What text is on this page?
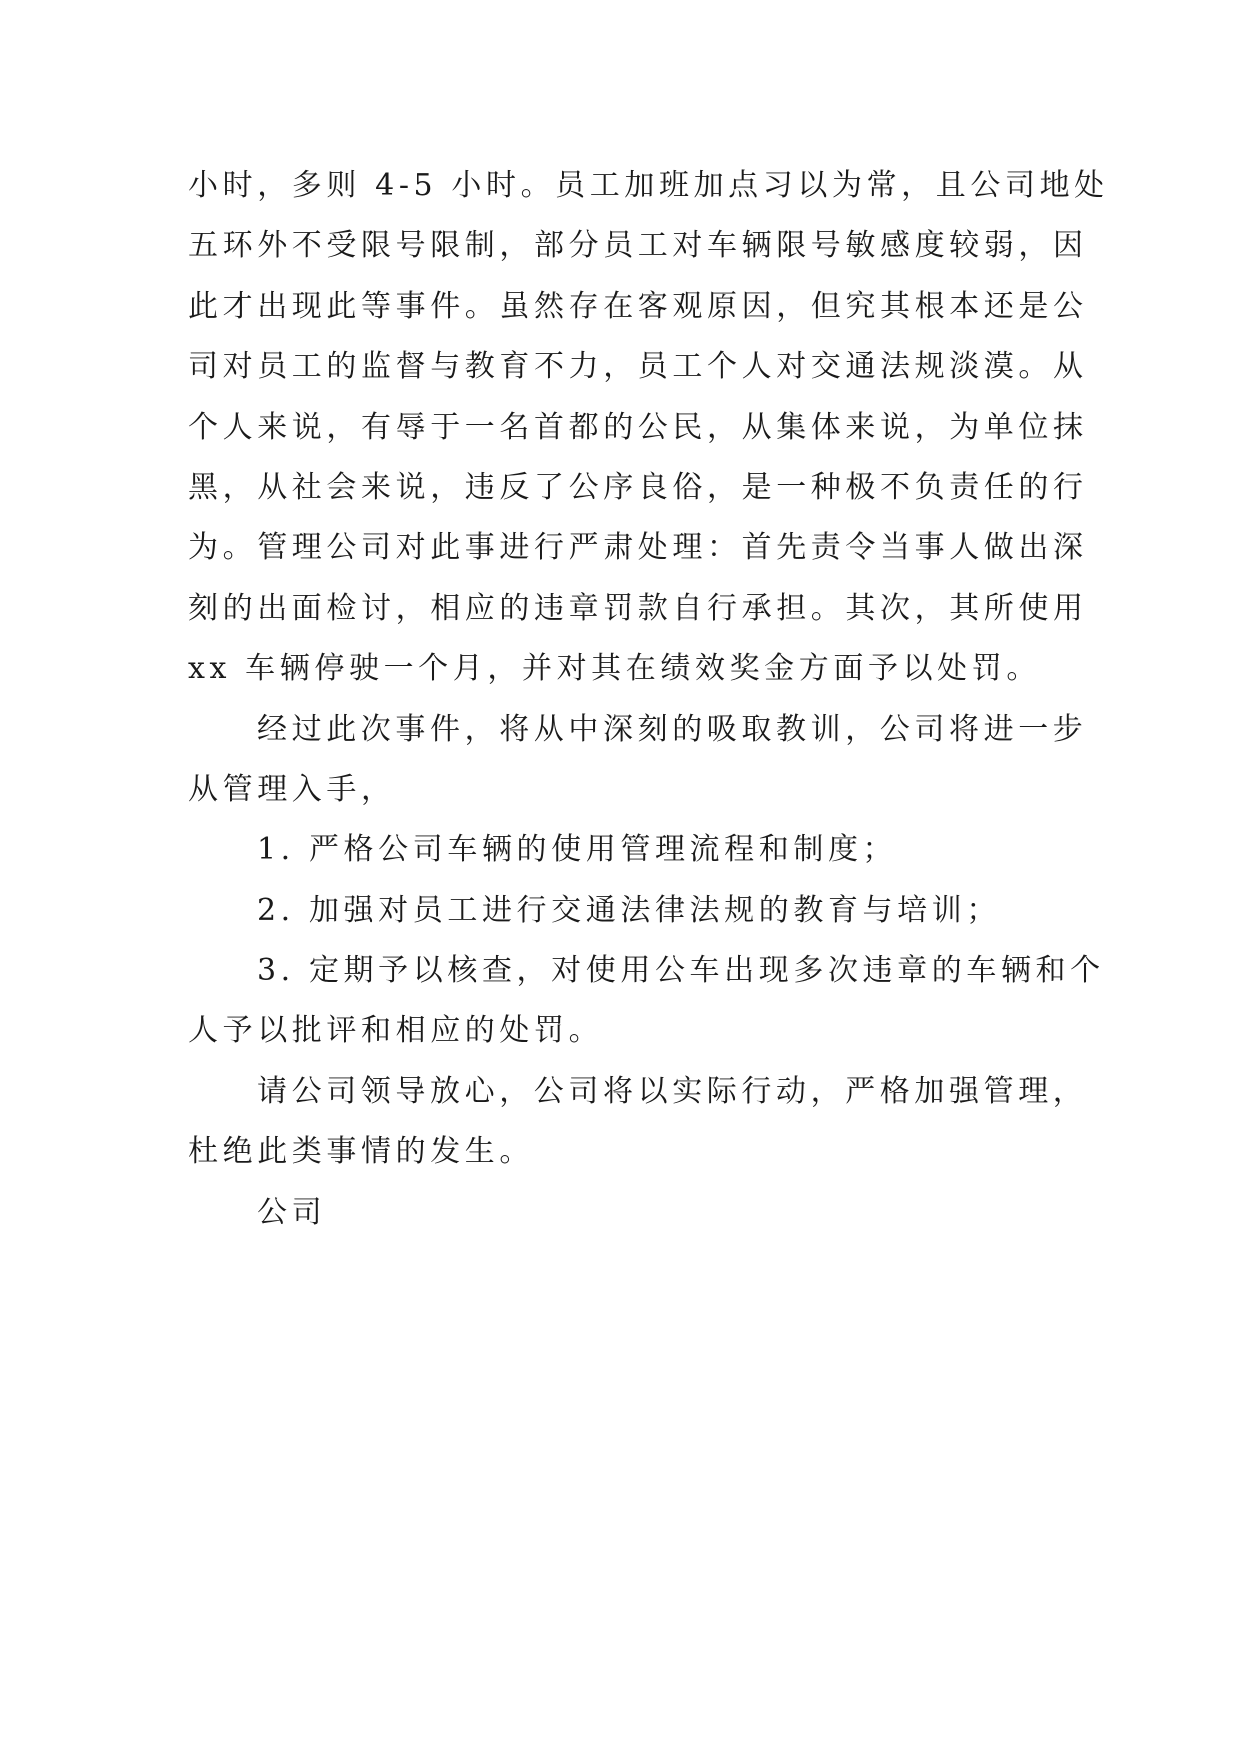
小时，多则 4-5 小时。员工加班加点习以为常，且公司地处
五环外不受限号限制，部分员工对车辆限号敏感度较弱，因
此才出现此等事件。虽然存在客观原因，但究其根本还是公
司对员工的监督与教育不力，员工个人对交通法规淡漠。从
个人来说，有辱于一名首都的公民，从集体来说，为单位抹
黑，从社会来说，违反了公序良俗，是一种极不负责任的行
为。管理公司对此事进行严肃处理：首先责令当事人做出深
刻的出面检讨，相应的违章罚款自行承担。其次，其所使用
xx 车辆停驶一个月，并对其在绩效奖金方面予以处罚。
经过此次事件，将从中深刻的吸取教训，公司将进一步
从管理入手，
1. 严格公司车辆的使用管理流程和制度；
2. 加强对员工进行交通法律法规的教育与培训；
3. 定期予以核查，对使用公车出现多次违章的车辆和个
人予以批评和相应的处罚。
请公司领导放心，公司将以实际行动，严格加强管理，
杜绝此类事情的发生。
公司
